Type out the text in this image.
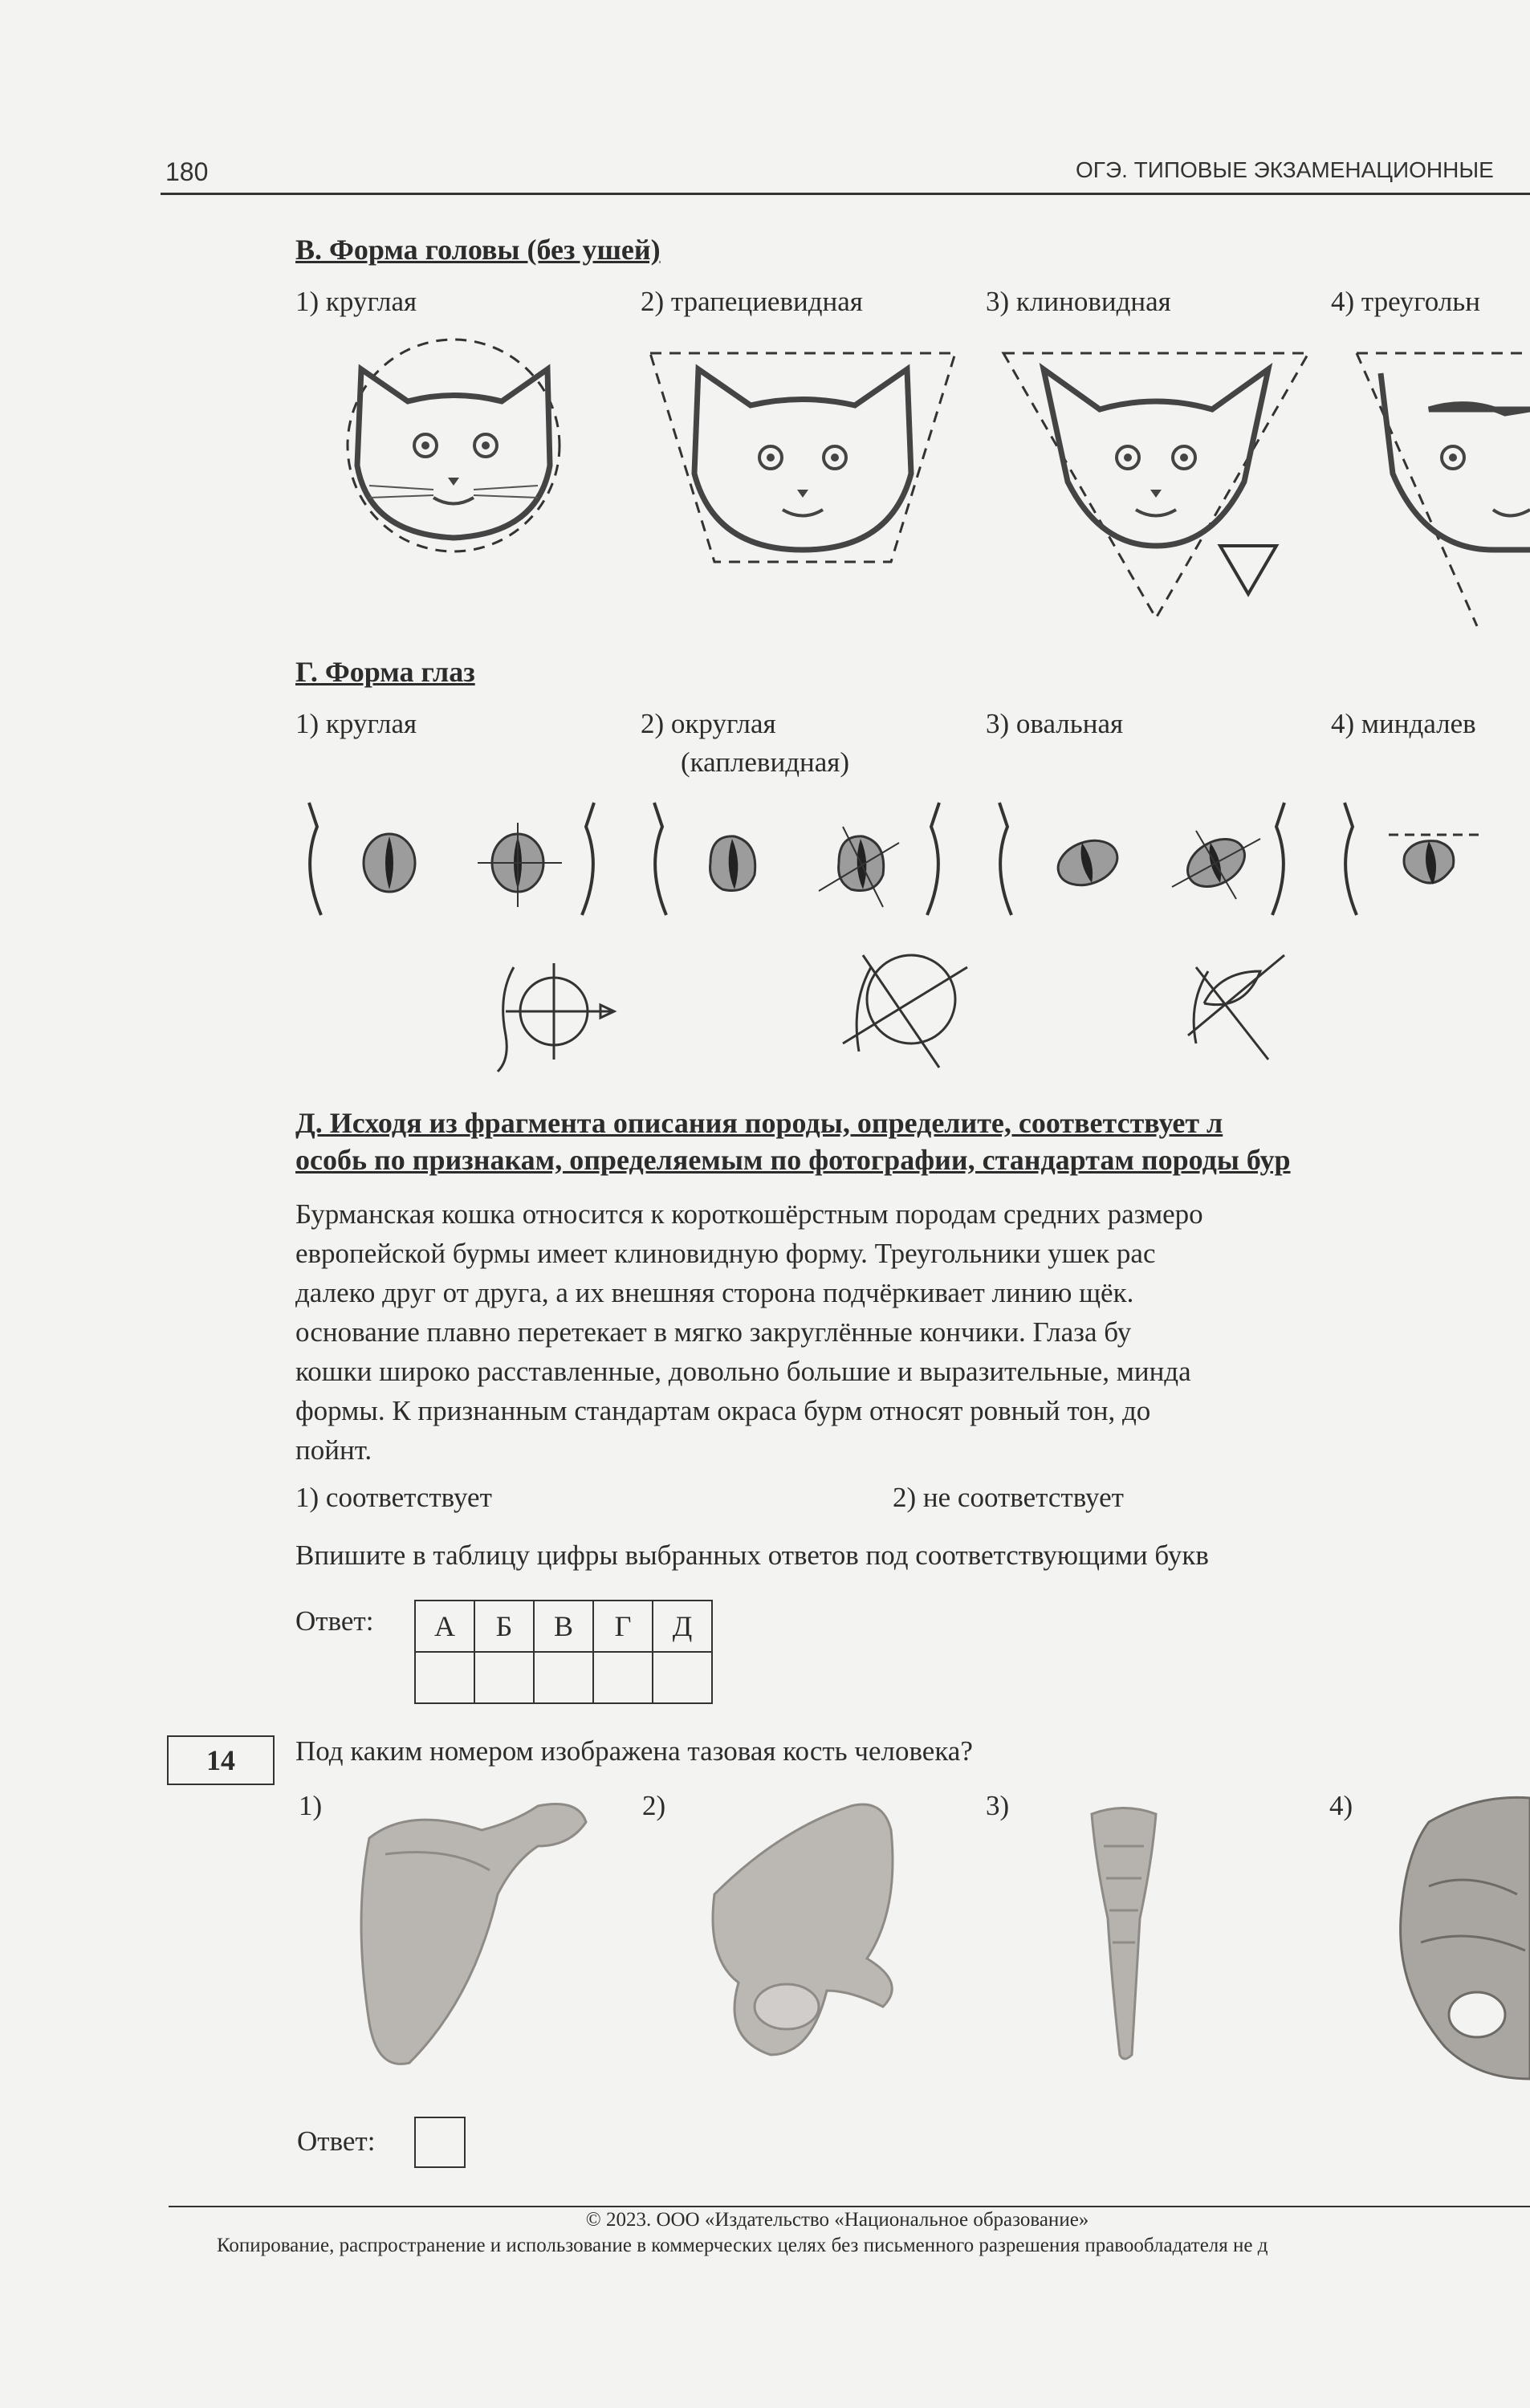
180	ОГЭ. ТИПОВЫЕ ЭКЗАМЕНАЦИОННЫЕ
В. Форма головы (без ушей)
1) круглая	2) трапециевидная	3) клиновидная	4) треугольн
Г. Форма глаз
1) круглая	2) округлая
(каплевидная)
3) овальная	4) миндалев
Д. Исходя из фрагмента описания породы, определите, соответствует л
особь по признакам, определяемым по фотографии, стандартам породы бур
Бурманская кошка относится к короткошёрстным породам средних размеро
европейской бурмы имеет клиновидную форму. Треугольники ушек рас
далеко друг от друга, а их внешняя сторона подчёркивает линию щёк.
основание плавно перетекает в мягко закруглённые кончики. Глаза бу
кошки широко расставленные, довольно большие и выразительные, минда
формы. К признанным стандартам окраса бурм относят ровный тон, до
пойнт.
1) соответствует	2) не соответствует
Впишите в таблицу цифры выбранных ответов под соответствующими букв
Ответ: А	Б	В	Г	Д

14	Под каким номером изображена тазовая кость человека?
1)	2)	3)	4)
Ответ:
© 2023. ООО «Издательство «Национальное образование»
Копирование, распространение и использование в коммерческих целях без письменного разрешения правообладателя не д
